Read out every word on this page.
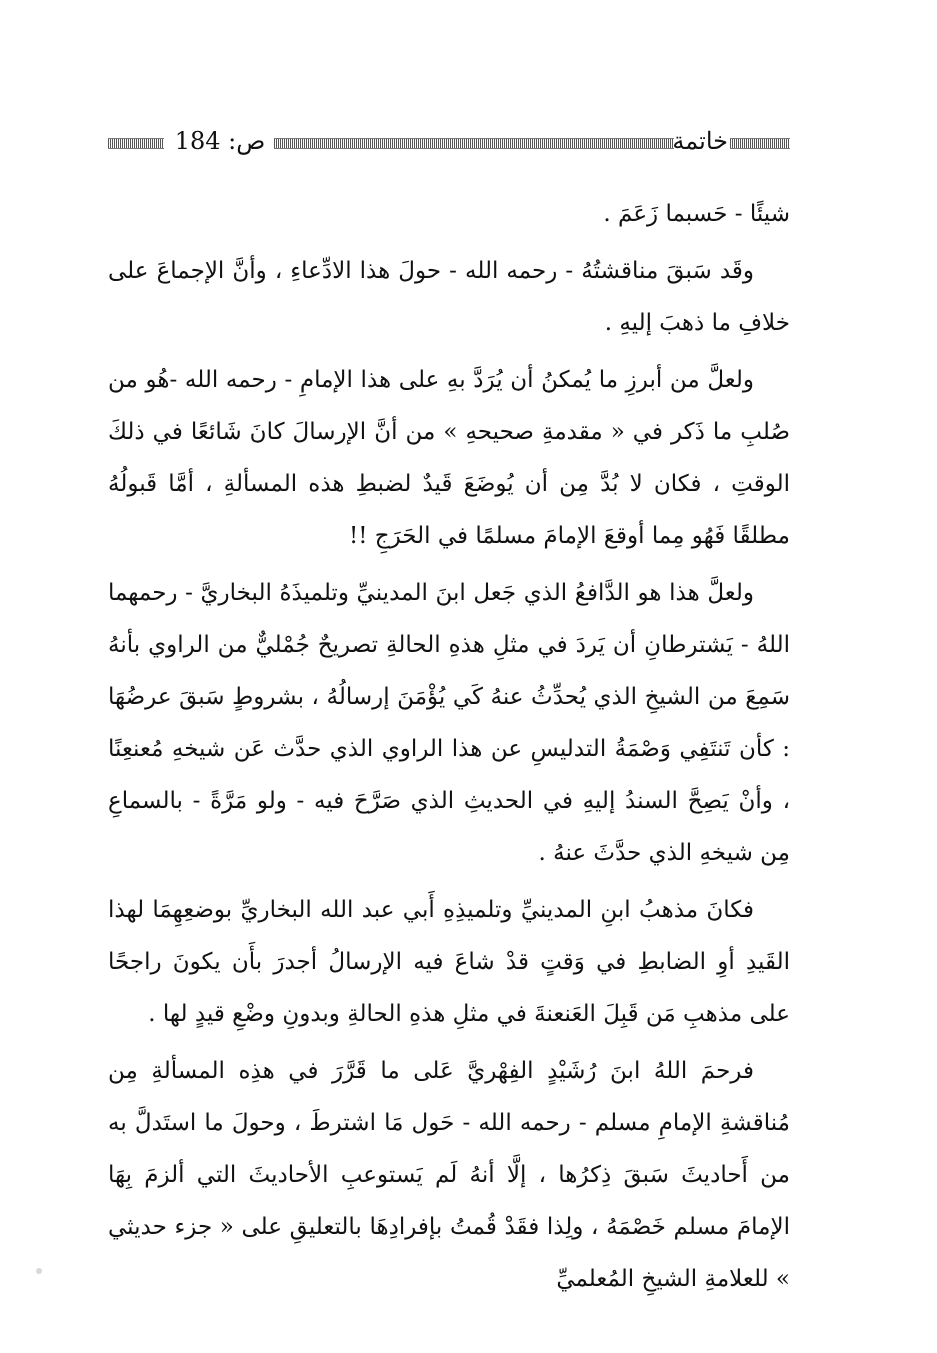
ص: 184	خاتمة

شيئًا - حَسبما زَعَمَ .

وقَد سَبقَ مناقشتُهُ - رحمه الله - حولَ هذا الادِّعاءِ ، وأنَّ الإجماعَ على خلافِ ما ذهبَ إليهِ .

ولعلَّ من أبرزِ ما يُمكنُ أن يُرَدَّ بهِ على هذا الإمامِ - رحمه الله -هُو من صُلبِ ما ذَكر في « مقدمةِ صحيحهِ » من أنَّ الإرسالَ كانَ شَائعًا في ذلكَ الوقتِ ، فكان لا بُدَّ مِن أن يُوضَعَ قَيدٌ لضبطِ هذه المسألةِ ، أمَّا قَبولُهُ مطلقًا فَهُو مِما أوقعَ الإمامَ مسلمًا في الحَرَجِ !!

ولعلَّ هذا هو الدَّافعُ الذي جَعل ابنَ المدينيِّ وتلميذَهُ البخاريَّ - رحمهما اللهُ - يَشترطانِ أن يَردَ في مثلِ هذهِ الحالةِ تصريحٌ جُمْليٌّ من الراوي بأنهُ سَمِعَ من الشيخِ الذي يُحدِّثُ عنهُ كَي يُؤْمَنَ إرسالُهُ ، بشروطٍ سَبقَ عرضُهَا : كأن تَنتَفِي وَصْمَةُ التدليسِ عن هذا الراوي الذي حدَّث عَن شيخهِ مُعنعِنًا ، وأنْ يَصِحَّ السندُ إليهِ في الحديثِ الذي صَرَّحَ فيه - ولو مَرَّةً - بالسماعِ مِن شيخهِ الذي حدَّثَ عنهُ .

فكانَ مذهبُ ابنِ المدينيِّ وتلميذِهِ أَبي عبد الله البخاريِّ بوضعِهِمَا لهذا القَيدِ أوِ الضابطِ في وَقتٍ قدْ شاعَ فيه الإرسالُ أجدرَ بأَن يكونَ راجحًا على مذهبِ مَن قَبِلَ العَنعنةَ في مثلِ هذهِ الحالةِ وبدونِ وضْعِ قيدٍ لها .

فرحمَ اللهُ ابنَ رُشَيْدٍ الفِهْريَّ عَلى ما قَرَّرَ في هذِه المسألةِ مِن مُناقشةِ الإمامِ مسلم - رحمه الله - حَول مَا اشترطَ ، وحولَ ما استَدلَّ به من أَحاديثَ سَبقَ ذِكرُها ، إلَّا أنهُ لَم يَستوعبِ الأحاديثَ التي ألزمَ بِهَا الإمامَ مسلم خَصْمَهُ ، ولِذا فقَدْ قُمتُ بإفرادِهَا بالتعليقِ على « جزء حديثي » للعلامةِ الشيخِ المُعلميِّ
